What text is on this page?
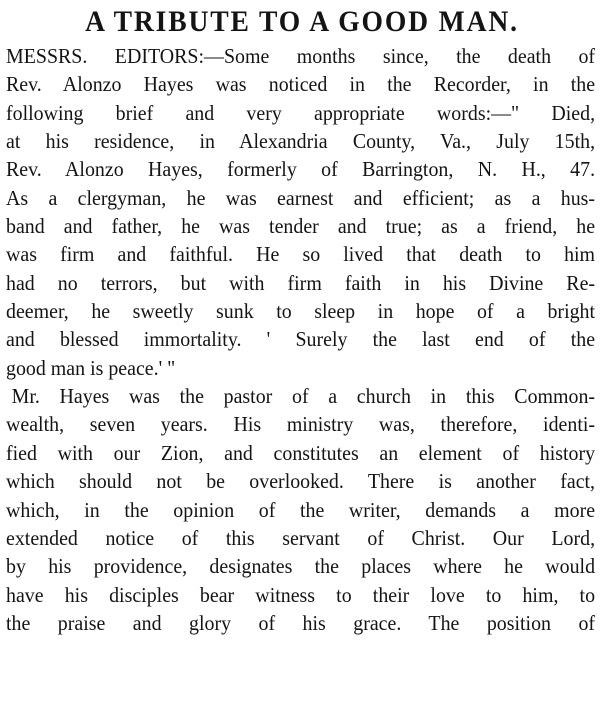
A TRIBUTE TO A GOOD MAN.
MESSRS. EDITORS:—Some months since, the death of
Rev. Alonzo Hayes was noticed in the Recorder, in the
following brief and very appropriate words:—" Died,
at his residence, in Alexandria County, Va., July 15th,
Rev. Alonzo Hayes, formerly of Barrington, N. H., 47.
As a clergyman, he was earnest and efficient; as a hus-
band and father, he was tender and true; as a friend, he
was firm and faithful. He so lived that death to him
had no terrors, but with firm faith in his Divine Re-
deemer, he sweetly sunk to sleep in hope of a bright
and blessed immortality. ' Surely the last end of the
good man is peace.' "
Mr. Hayes was the pastor of a church in this Common-
wealth, seven years. His ministry was, therefore, identi-
fied with our Zion, and constitutes an element of history
which should not be overlooked. There is another fact,
which, in the opinion of the writer, demands a more
extended notice of this servant of Christ. Our Lord,
by his providence, designates the places where he would
have his disciples bear witness to their love to him, to
the praise and glory of his grace. The position of
